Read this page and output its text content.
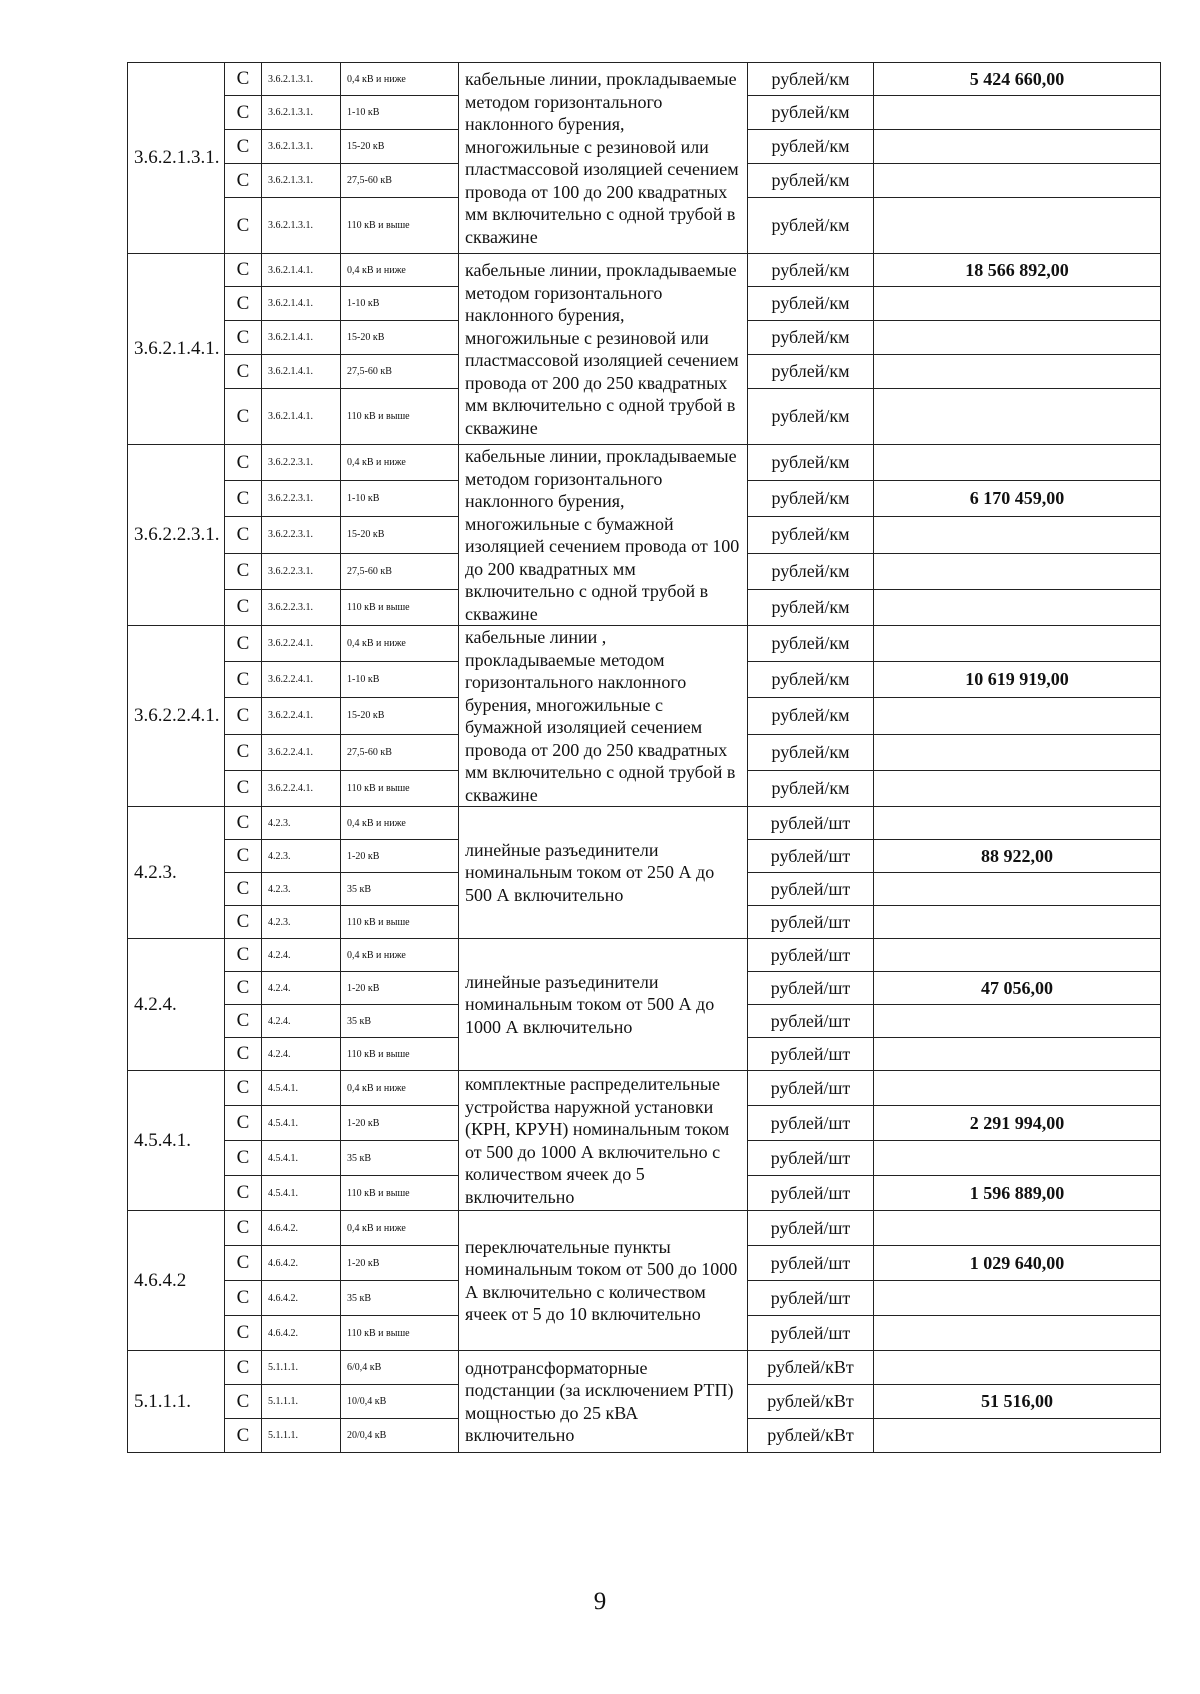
3.6.2.1.3.1.	С	3.6.2.1.3.1.	0,4 кВ и ниже	кабельные линии, прокладываемые методом горизонтального наклонного бурения, многожильные с резиновой или пластмассовой изоляцией сечением провода от 100 до 200 квадратных мм включительно с одной трубой в скважине	рублей/км	5 424 660,00
	С	3.6.2.1.3.1.	1-10 кВ		рублей/км	
	С	3.6.2.1.3.1.	15-20 кВ		рублей/км	
	С	3.6.2.1.3.1.	27,5-60 кВ		рублей/км	
	С	3.6.2.1.3.1.	110 кВ и выше		рублей/км	
3.6.2.1.4.1.	С	3.6.2.1.4.1.	0,4 кВ и ниже	кабельные линии, прокладываемые методом горизонтального наклонного бурения, многожильные с резиновой или пластмассовой изоляцией сечением провода от 200 до 250 квадратных мм включительно с одной трубой в скважине	рублей/км	18 566 892,00
	С	3.6.2.1.4.1.	1-10 кВ		рублей/км	
	С	3.6.2.1.4.1.	15-20 кВ		рублей/км	
	С	3.6.2.1.4.1.	27,5-60 кВ		рублей/км	
	С	3.6.2.1.4.1.	110 кВ и выше		рублей/км	
3.6.2.2.3.1.	С	3.6.2.2.3.1.	0,4 кВ и ниже	кабельные линии, прокладываемые методом горизонтального наклонного бурения, многожильные с бумажной изоляцией сечением провода от 100 до 200 квадратных мм включительно с одной трубой в скважине	рублей/км	
	С	3.6.2.2.3.1.	1-10 кВ		рублей/км	6 170 459,00
	С	3.6.2.2.3.1.	15-20 кВ		рублей/км	
	С	3.6.2.2.3.1.	27,5-60 кВ		рублей/км	
	С	3.6.2.2.3.1.	110 кВ и выше		рублей/км	
3.6.2.2.4.1.	С	3.6.2.2.4.1.	0,4 кВ и ниже	кабельные линии , прокладываемые методом горизонтального наклонного бурения, многожильные с бумажной изоляцией сечением провода от 200 до 250 квадратных мм включительно с одной трубой в скважине	рублей/км	
	С	3.6.2.2.4.1.	1-10 кВ		рублей/км	10 619 919,00
	С	3.6.2.2.4.1.	15-20 кВ		рублей/км	
	С	3.6.2.2.4.1.	27,5-60 кВ		рублей/км	
	С	3.6.2.2.4.1.	110 кВ и выше		рублей/км	
4.2.3.	С	4.2.3.	0,4 кВ и ниже	линейные разъединители номинальным током от 250 А до 500 А включительно	рублей/шт	
	С	4.2.3.	1-20 кВ		рублей/шт	88 922,00
	С	4.2.3.	35 кВ		рублей/шт	
	С	4.2.3.	110 кВ и выше		рублей/шт	
4.2.4.	С	4.2.4.	0,4 кВ и ниже	линейные разъединители номинальным током от 500 А до 1000 А включительно	рублей/шт	
	С	4.2.4.	1-20 кВ		рублей/шт	47 056,00
	С	4.2.4.	35 кВ		рублей/шт	
	С	4.2.4.	110 кВ и выше		рублей/шт	
4.5.4.1.	С	4.5.4.1.	0,4 кВ и ниже	комплектные распределительные устройства наружной установки (КРН, КРУН) номинальным током от 500 до 1000 А включительно с количеством ячеек до 5 включительно	рублей/шт	
	С	4.5.4.1.	1-20 кВ		рублей/шт	2 291 994,00
	С	4.5.4.1.	35 кВ		рублей/шт	
	С	4.5.4.1.	110 кВ и выше		рублей/шт	1 596 889,00
4.6.4.2	С	4.6.4.2.	0,4 кВ и ниже	переключательные пункты номинальным током от 500 до 1000 А включительно с количеством ячеек от 5 до 10 включительно	рублей/шт	
	С	4.6.4.2.	1-20 кВ		рублей/шт	1 029 640,00
	С	4.6.4.2.	35 кВ		рублей/шт	
	С	4.6.4.2.	110 кВ и выше		рублей/шт	
5.1.1.1.	С	5.1.1.1.	6/0,4 кВ	однотрансформаторные подстанции (за исключением РТП) мощностью до 25 кВА включительно	рублей/кВт	
	С	5.1.1.1.	10/0,4 кВ		рублей/кВт	51 516,00
	С	5.1.1.1.	20/0,4 кВ		рублей/кВт	
9
